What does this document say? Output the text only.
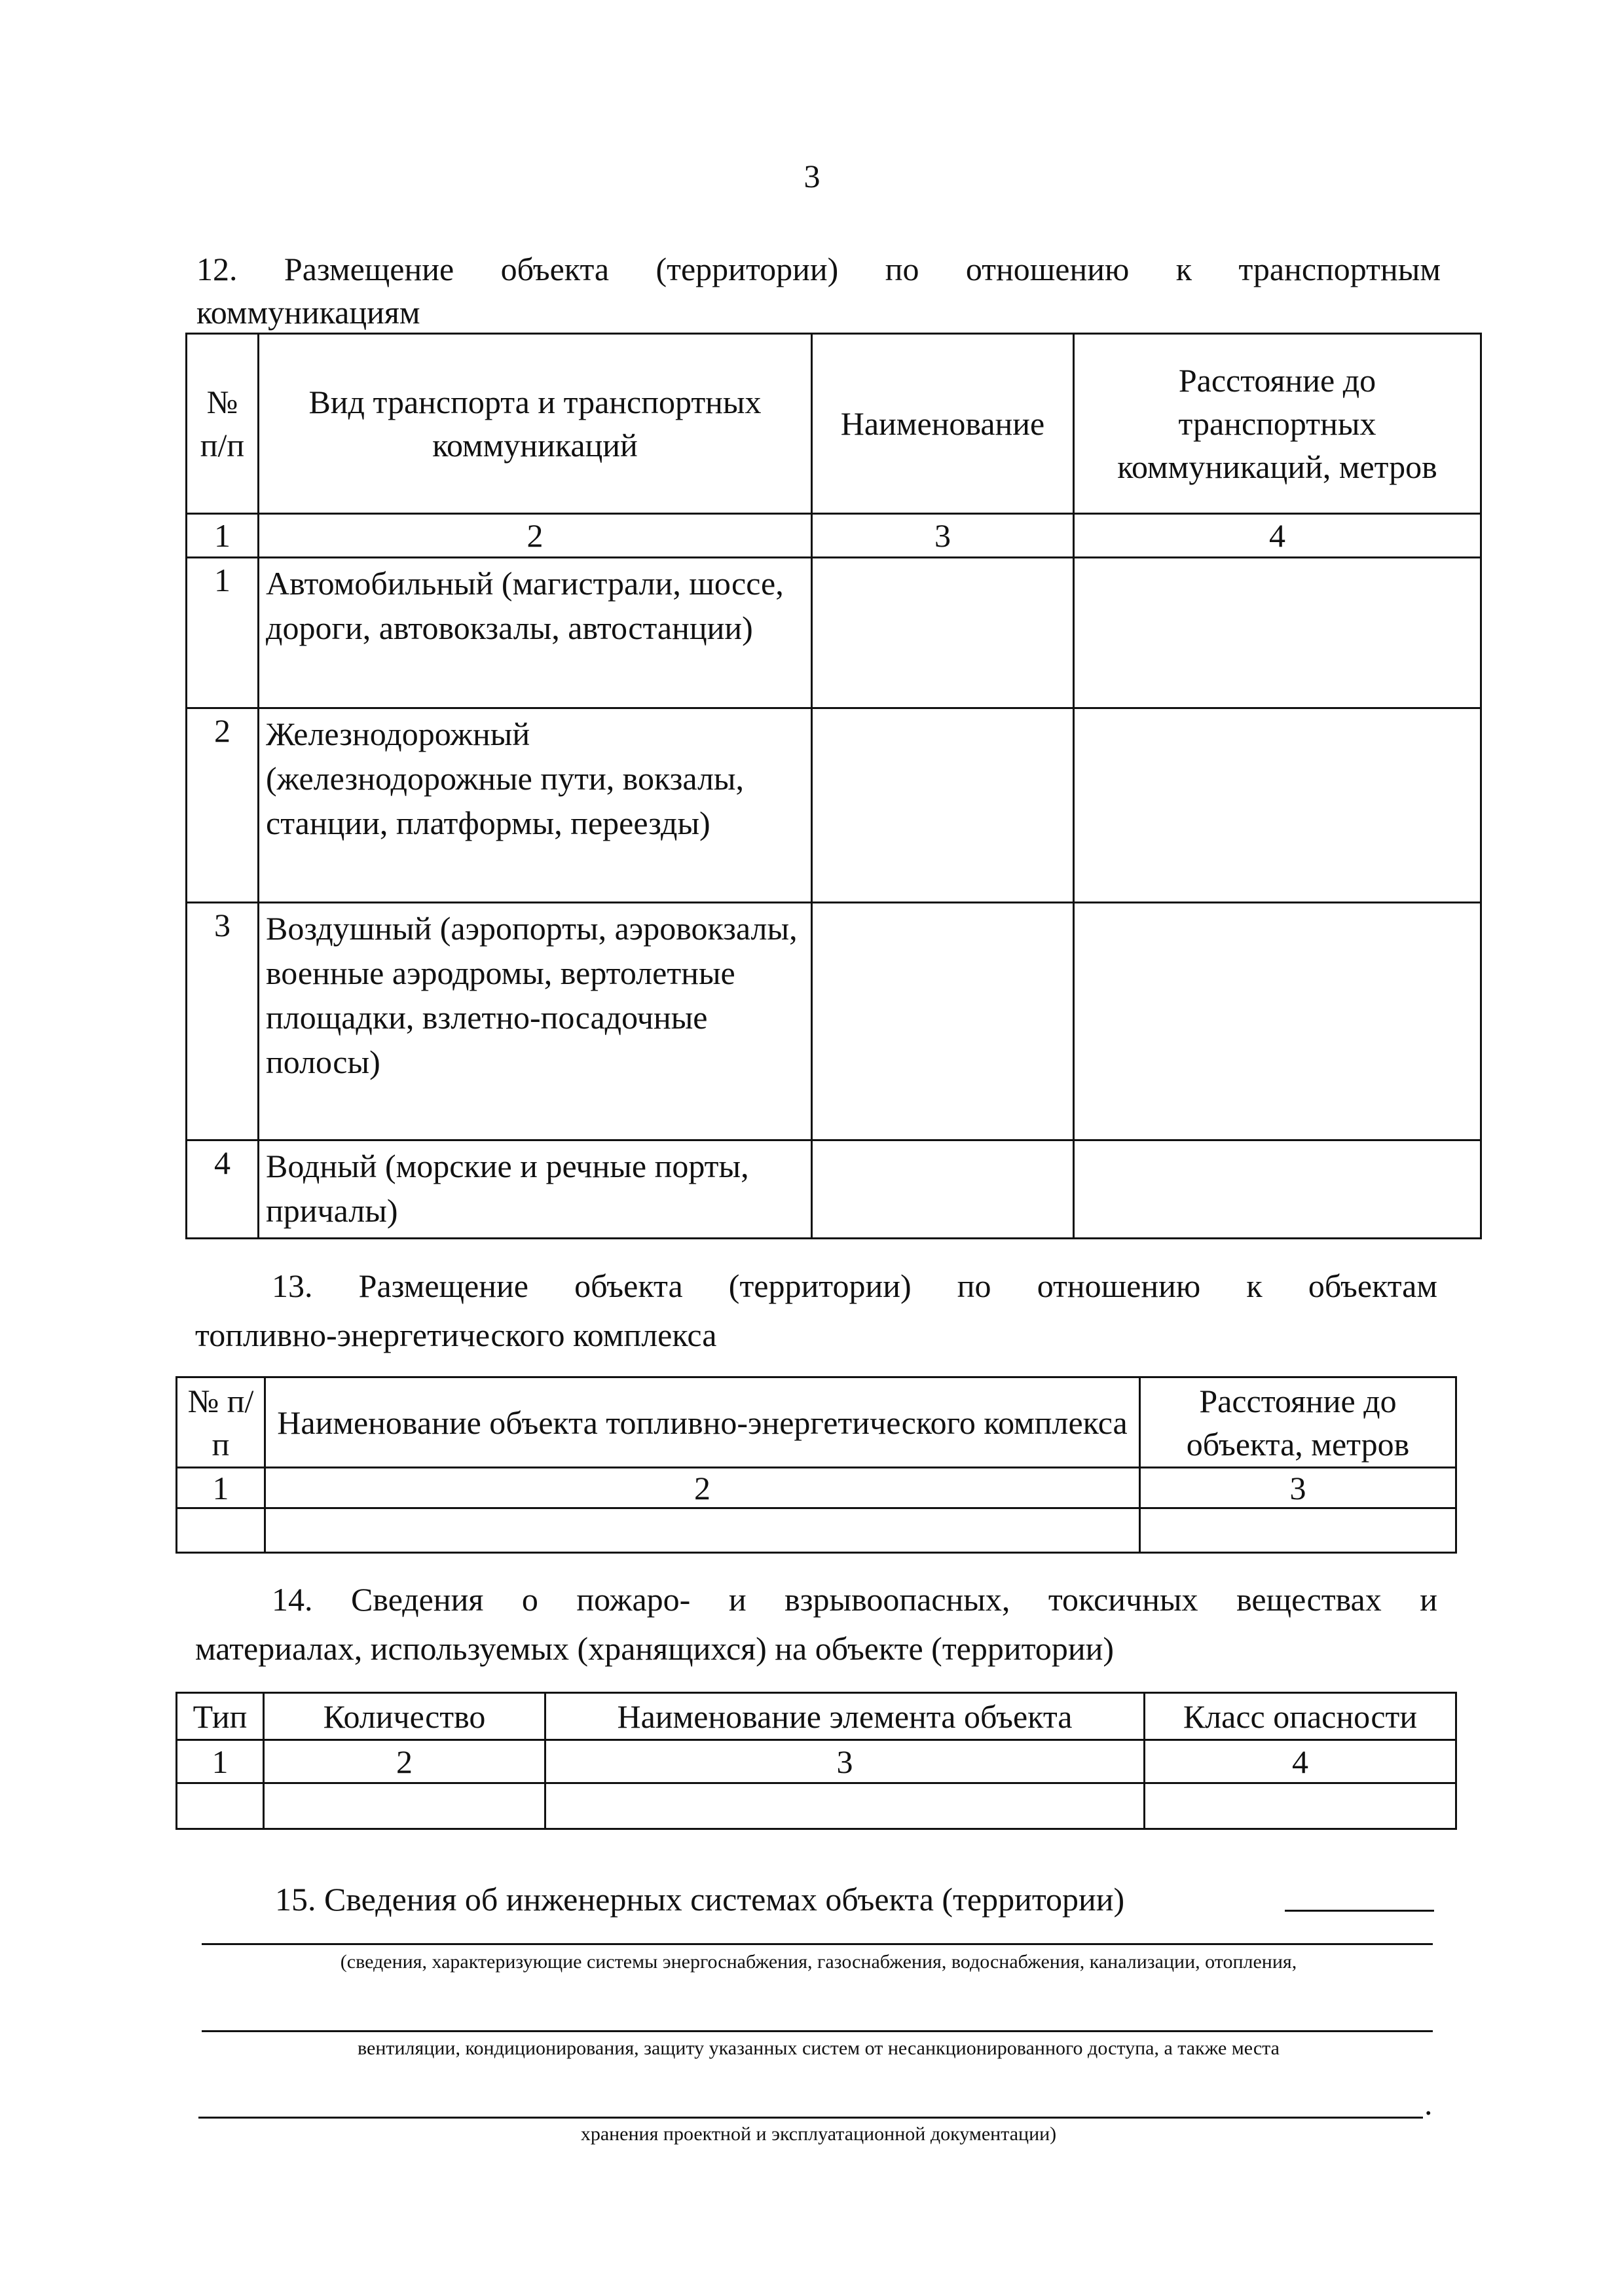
3
12. Размещение объекта (территории) по отношению к транспортным
коммуникациям
№ п/п	Вид транспорта и транспортных коммуникаций	Наименование	Расстояние до транспортных коммуникаций, метров
1	2	3	4
1	Автомобильный (магистрали, шоссе, дороги, автовокзалы, автостанции)		
2	Железнодорожный (железнодорожные пути, вокзалы, станции, платформы, переезды)		
3	Воздушный (аэропорты, аэровокзалы, военные аэродромы, вертолетные площадки, взлетно-посадочные полосы)		
4	Водный (морские и речные порты, причалы)		
13. Размещение объекта (территории) по отношению к объектам
топливно-энергетического комплекса
№ п/п	Наименование объекта топливно-энергетического комплекса	Расстояние до объекта, метров
1	2	3

14. Сведения о пожаро- и взрывоопасных, токсичных веществах и
материалах, используемых (хранящихся) на объекте (территории)
Тип	Количество	Наименование элемента объекта	Класс опасности
1	2	3	4

15. Сведения об инженерных системах объекта (территории)
(сведения, характеризующие системы энергоснабжения, газоснабжения, водоснабжения, канализации, отопления,
вентиляции, кондиционирования, защиту указанных систем от несанкционированного доступа, а также места
.
хранения проектной и эксплуатационной документации)
